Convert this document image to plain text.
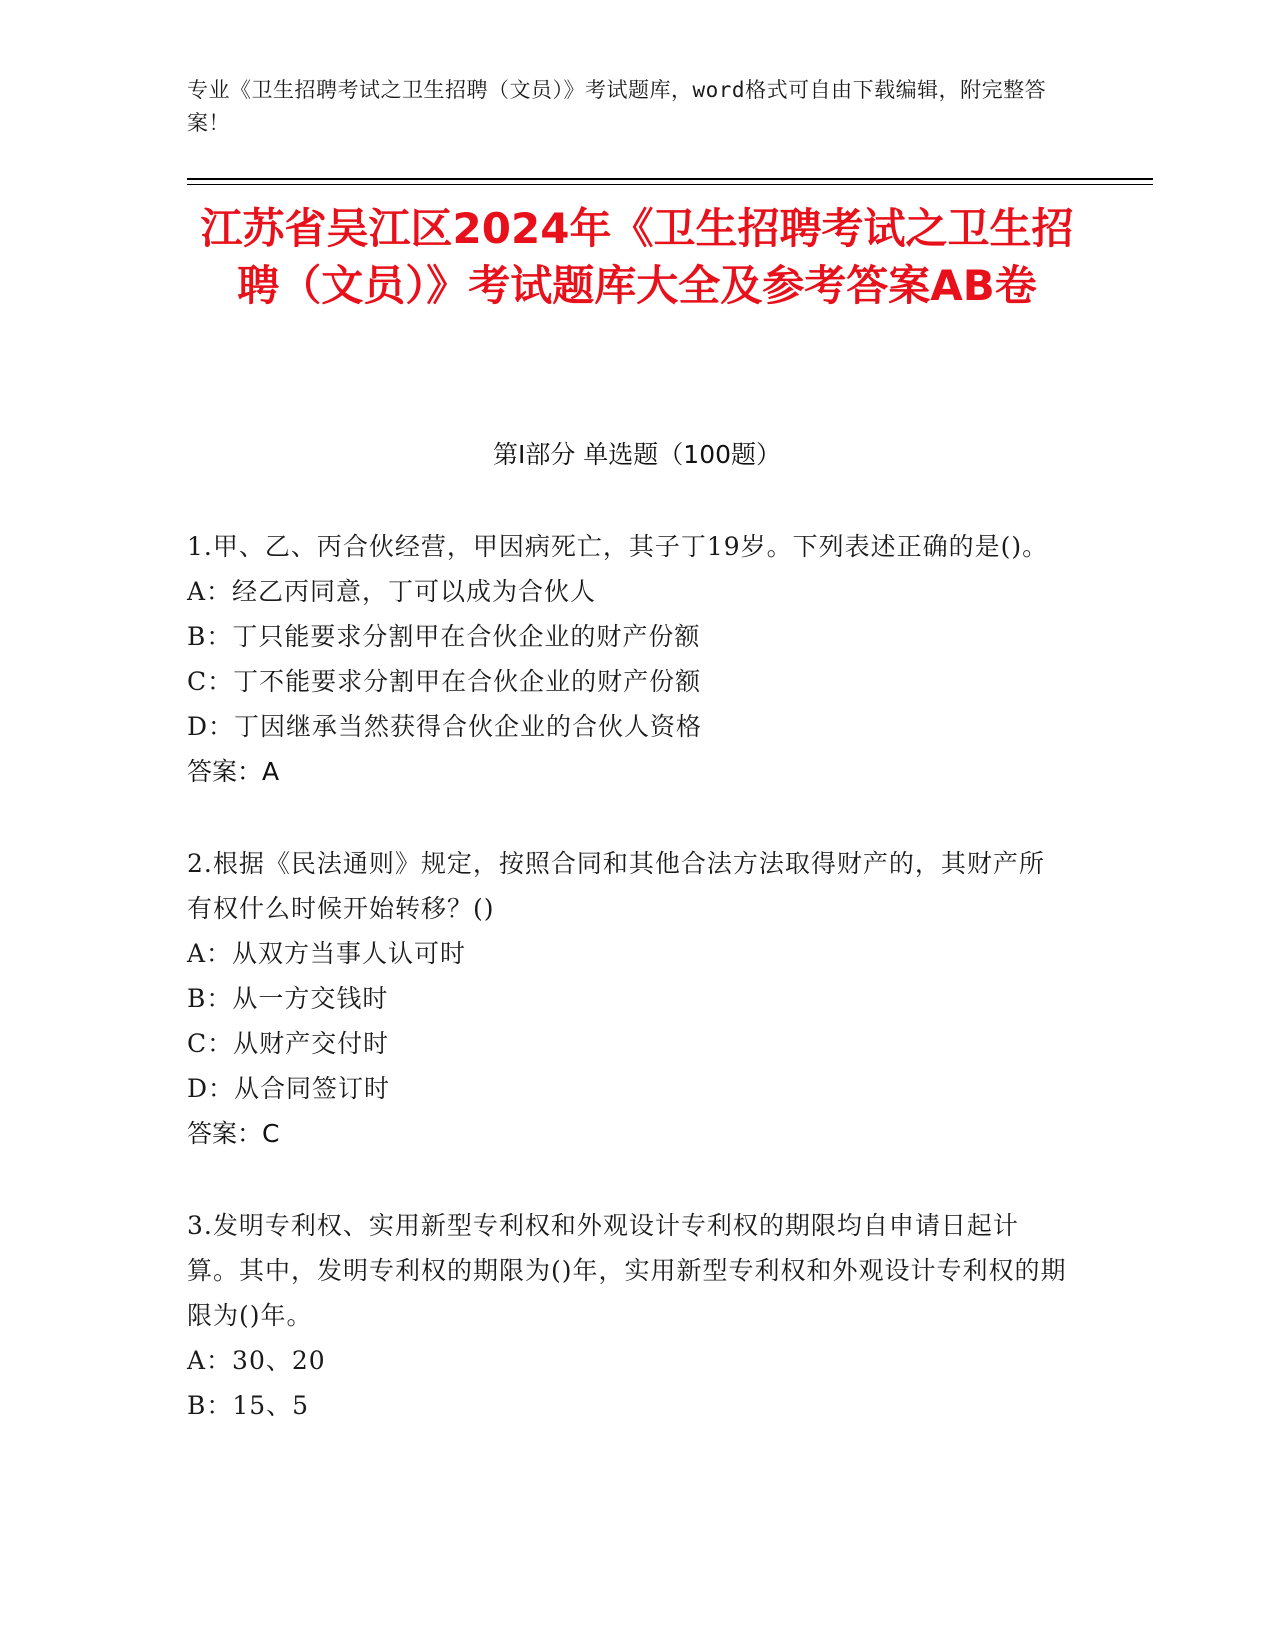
专业《卫生招聘考试之卫生招聘（文员）》考试题库，word格式可自由下载编辑，附完整答案！
江苏省吴江区2024年《卫生招聘考试之卫生招聘（文员）》考试题库大全及参考答案AB卷
第I部分 单选题（100题）
1.甲、乙、丙合伙经营，甲因病死亡，其子丁19岁。下列表述正确的是()。
A：经乙丙同意，丁可以成为合伙人
B：丁只能要求分割甲在合伙企业的财产份额
C：丁不能要求分割甲在合伙企业的财产份额
D：丁因继承当然获得合伙企业的合伙人资格
答案：A
2.根据《民法通则》规定，按照合同和其他合法方法取得财产的，其财产所有权什么时候开始转移？()
A：从双方当事人认可时
B：从一方交钱时
C：从财产交付时
D：从合同签订时
答案：C
3.发明专利权、实用新型专利权和外观设计专利权的期限均自申请日起计算。其中，发明专利权的期限为()年，实用新型专利权和外观设计专利权的期限为()年。
A：30、20
B：15、5
